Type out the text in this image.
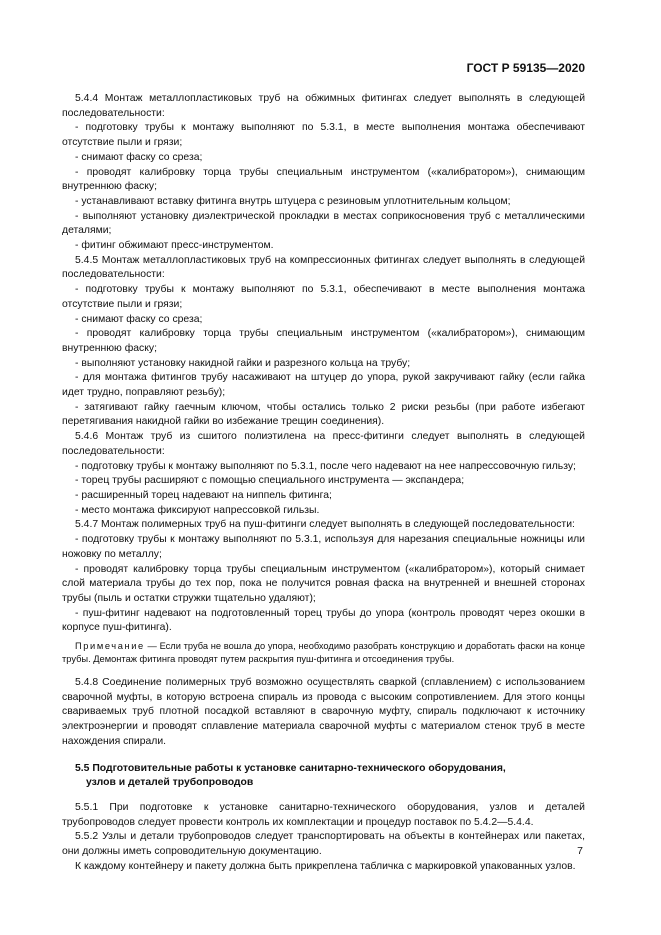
ГОСТ Р 59135—2020

5.4.4 Монтаж металлопластиковых труб на обжимных фитингах следует выполнять в следующей последовательности:

- подготовку трубы к монтажу выполняют по 5.3.1, в месте выполнения монтажа обеспечивают отсутствие пыли и грязи;

- снимают фаску со среза;

- проводят калибровку торца трубы специальным инструментом («калибратором»), снимающим внутреннюю фаску;

- устанавливают вставку фитинга внутрь штуцера с резиновым уплотнительным кольцом;

- выполняют установку диэлектрической прокладки в местах соприкосновения труб с металлическими деталями;

- фитинг обжимают пресс-инструментом.

5.4.5 Монтаж металлопластиковых труб на компрессионных фитингах следует выполнять в следующей последовательности:

- подготовку трубы к монтажу выполняют по 5.3.1, обеспечивают в месте выполнения монтажа отсутствие пыли и грязи;

- снимают фаску со среза;

- проводят калибровку торца трубы специальным инструментом («калибратором»), снимающим внутреннюю фаску;

- выполняют установку накидной гайки и разрезного кольца на трубу;

- для монтажа фитингов трубу насаживают на штуцер до упора, рукой закручивают гайку (если гайка идет трудно, поправляют резьбу);

- затягивают гайку гаечным ключом, чтобы остались только 2 риски резьбы (при работе избегают перетягивания накидной гайки во избежание трещин соединения).

5.4.6 Монтаж труб из сшитого полиэтилена на пресс-фитинги следует выполнять в следующей последовательности:

- подготовку трубы к монтажу выполняют по 5.3.1, после чего надевают на нее напрессовочную гильзу;

- торец трубы расширяют с помощью специального инструмента — экспандера;

- расширенный торец надевают на ниппель фитинга;

- место монтажа фиксируют напрессовкой гильзы.

5.4.7 Монтаж полимерных труб на пуш-фитинги следует выполнять в следующей последовательности:

- подготовку трубы к монтажу выполняют по 5.3.1, используя для нарезания специальные ножницы или ножовку по металлу;

- проводят калибровку торца трубы специальным инструментом («калибратором»), который снимает слой материала трубы до тех пор, пока не получится ровная фаска на внутренней и внешней сторонах трубы (пыль и остатки стружки тщательно удаляют);

- пуш-фитинг надевают на подготовленный торец трубы до упора (контроль проводят через окошки в корпусе пуш-фитинга).

Примечание — Если труба не вошла до упора, необходимо разобрать конструкцию и доработать фаски на конце трубы. Демонтаж фитинга проводят путем раскрытия пуш-фитинга и отсоединения трубы.

5.4.8 Соединение полимерных труб возможно осуществлять сваркой (сплавлением) с использованием сварочной муфты, в которую встроена спираль из провода с высоким сопротивлением. Для этого концы свариваемых труб плотной посадкой вставляют в сварочную муфту, спираль подключают к источнику электроэнергии и проводят сплавление материала сварочной муфты с материалом стенок труб в месте нахождения спирали.

5.5 Подготовительные работы к установке санитарно-технического оборудования,
узлов и деталей трубопроводов

5.5.1 При подготовке к установке санитарно-технического оборудования, узлов и деталей трубопроводов следует провести контроль их комплектации и процедур поставок по 5.4.2—5.4.4.

5.5.2 Узлы и детали трубопроводов следует транспортировать на объекты в контейнерах или пакетах, они должны иметь сопроводительную документацию.

К каждому контейнеру и пакету должна быть прикреплена табличка с маркировкой упакованных узлов.

7
